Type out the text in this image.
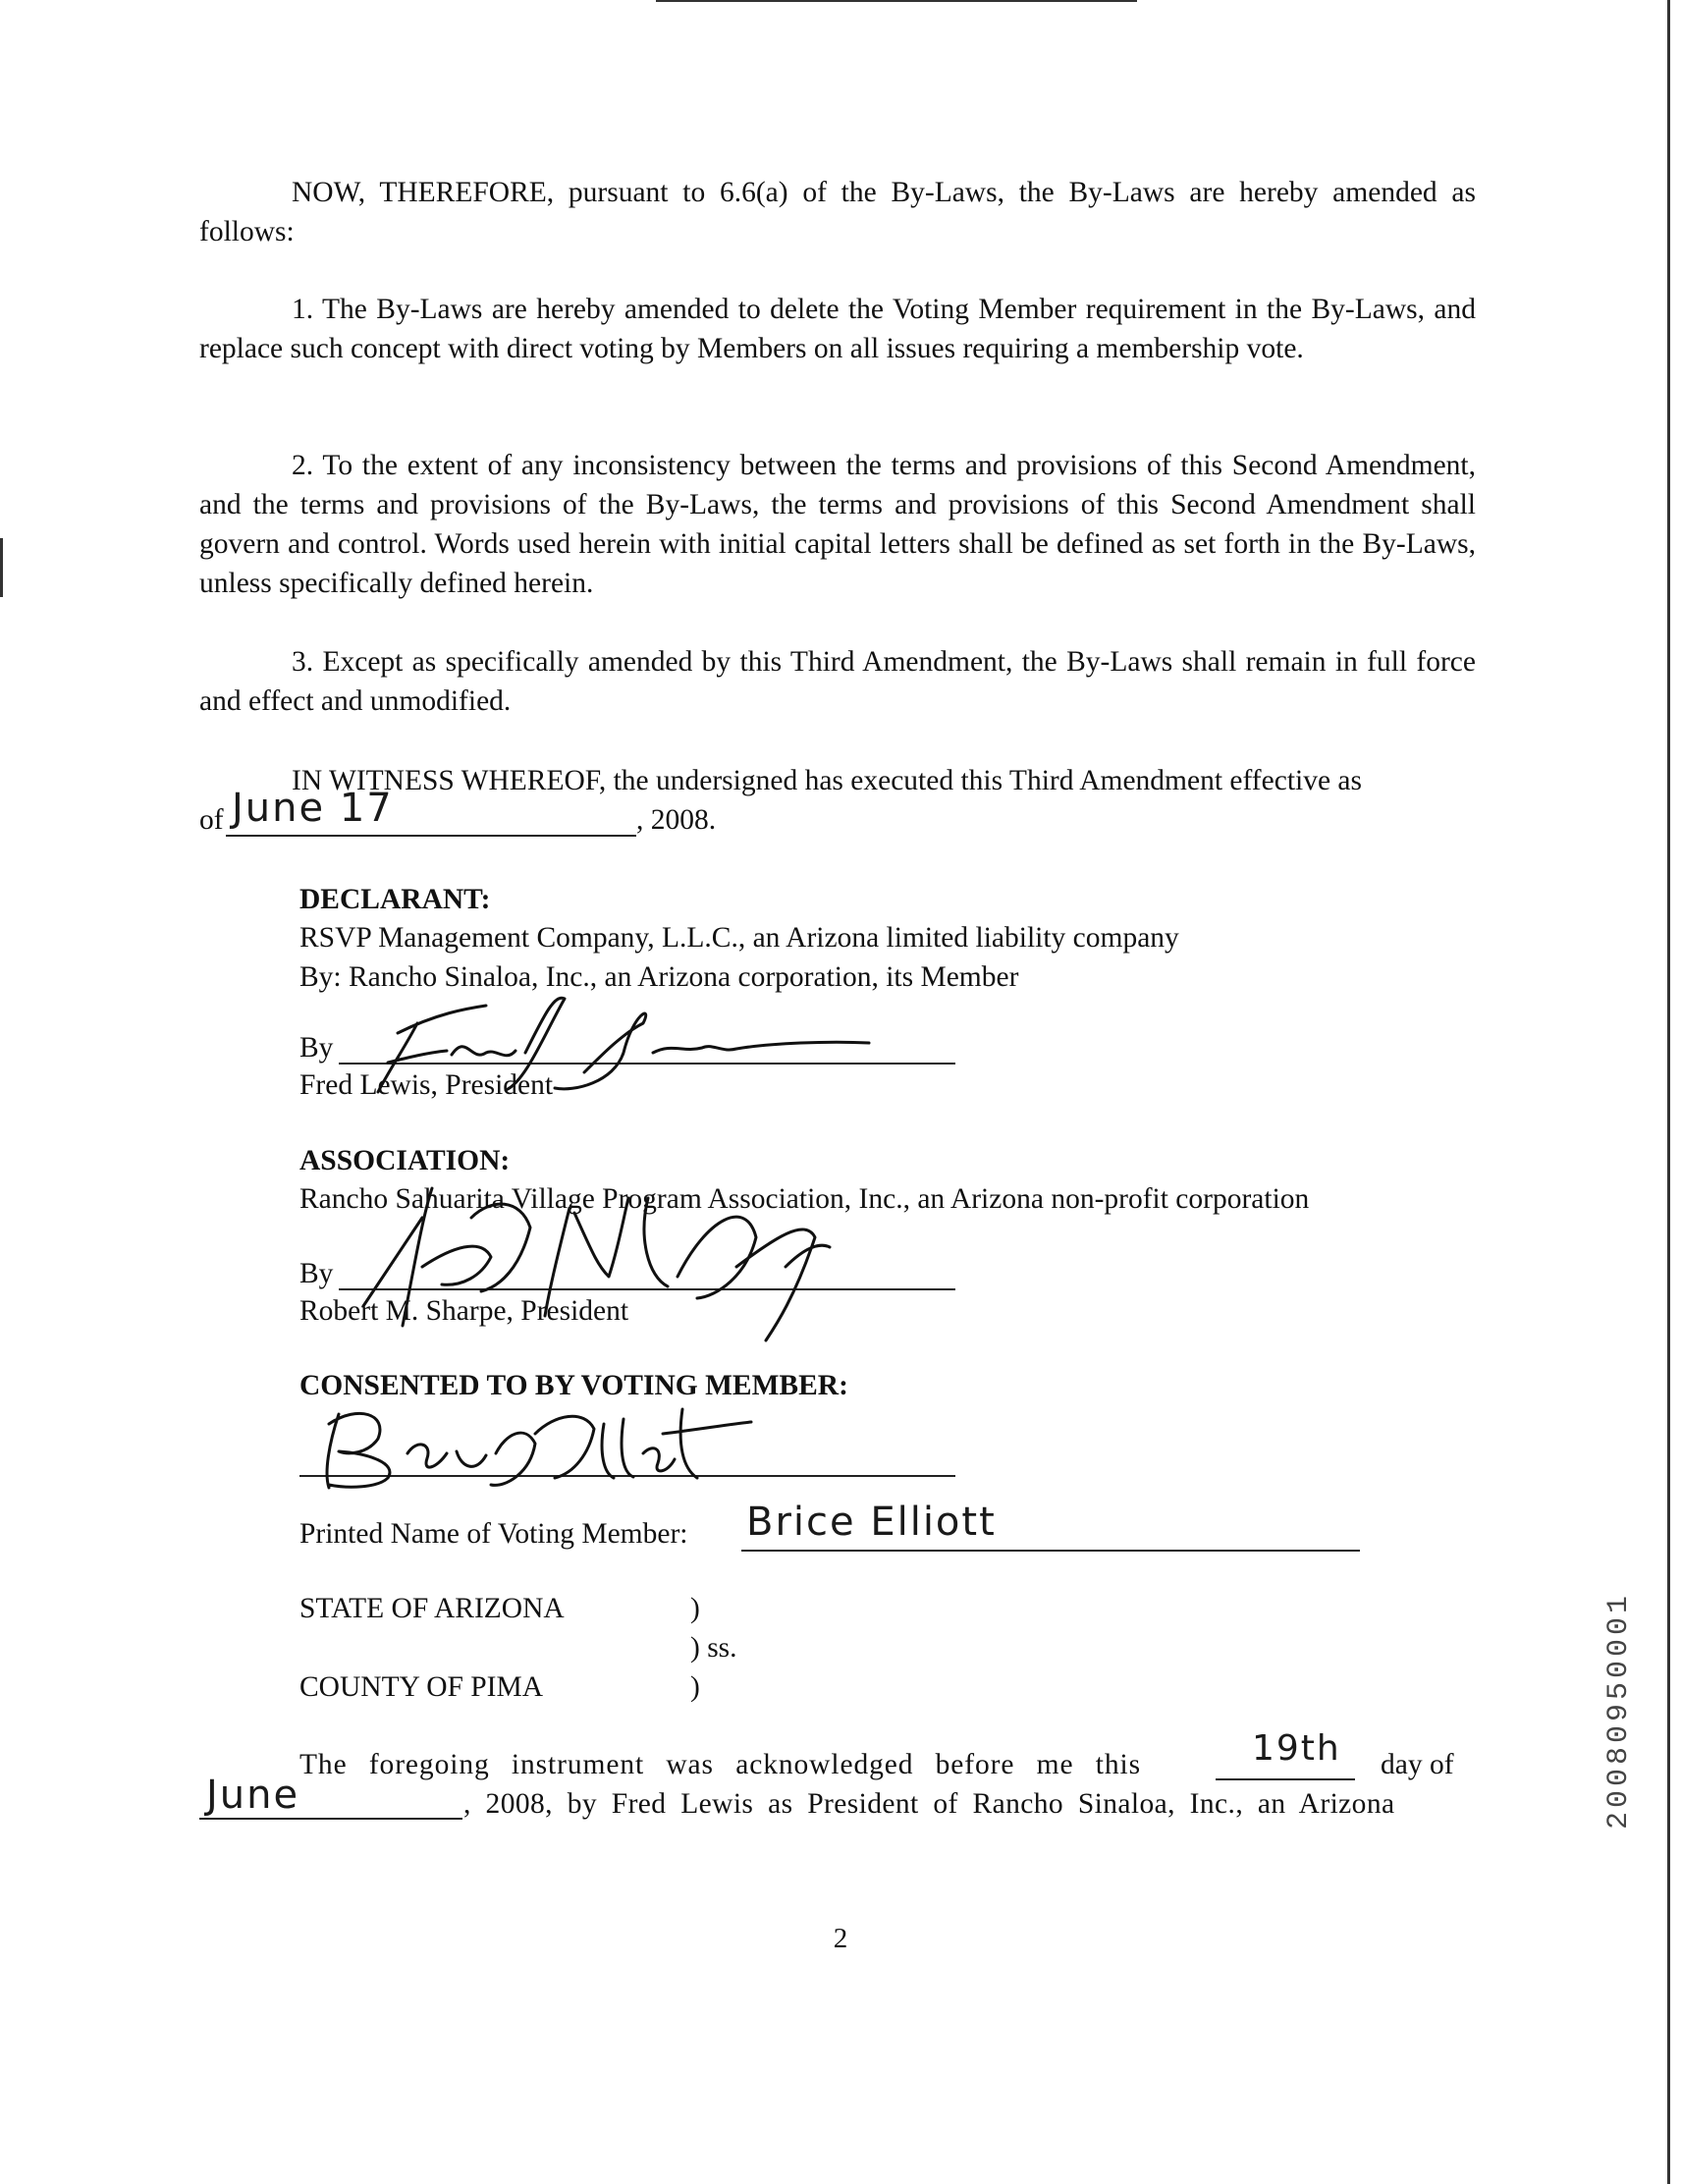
NOW, THEREFORE, pursuant to 6.6(a) of the By-Laws, the By-Laws are hereby amended as follows:
1. The By-Laws are hereby amended to delete the Voting Member requirement in the By-Laws, and replace such concept with direct voting by Members on all issues requiring a membership vote.
2. To the extent of any inconsistency between the terms and provisions of this Second Amendment, and the terms and provisions of the By-Laws, the terms and provisions of this Second Amendment shall govern and control. Words used herein with initial capital letters shall be defined as set forth in the By-Laws, unless specifically defined herein.
3. Except as specifically amended by this Third Amendment, the By-Laws shall remain in full force and effect and unmodified.
IN WITNESS WHEREOF, the undersigned has executed this Third Amendment effective as
of June 17	, 2008.
DECLARANT:
RSVP Management Company, L.L.C., an Arizona limited liability company
By: Rancho Sinaloa, Inc., an Arizona corporation, its Member
By
Fred Lewis, President
ASSOCIATION:
Rancho Sahuarita Village Program Association, Inc., an Arizona non-profit corporation
By
Robert M. Sharpe, President
CONSENTED TO BY VOTING MEMBER:
Printed Name of Voting Member: Brice Elliott
STATE OF ARIZONA	)
) ss.
COUNTY OF PIMA	)
The foregoing instrument was acknowledged before me this	19th day of
June	, 2008, by Fred Lewis as President of Rancho Sinaloa, Inc., an Arizona
2
20080950001
